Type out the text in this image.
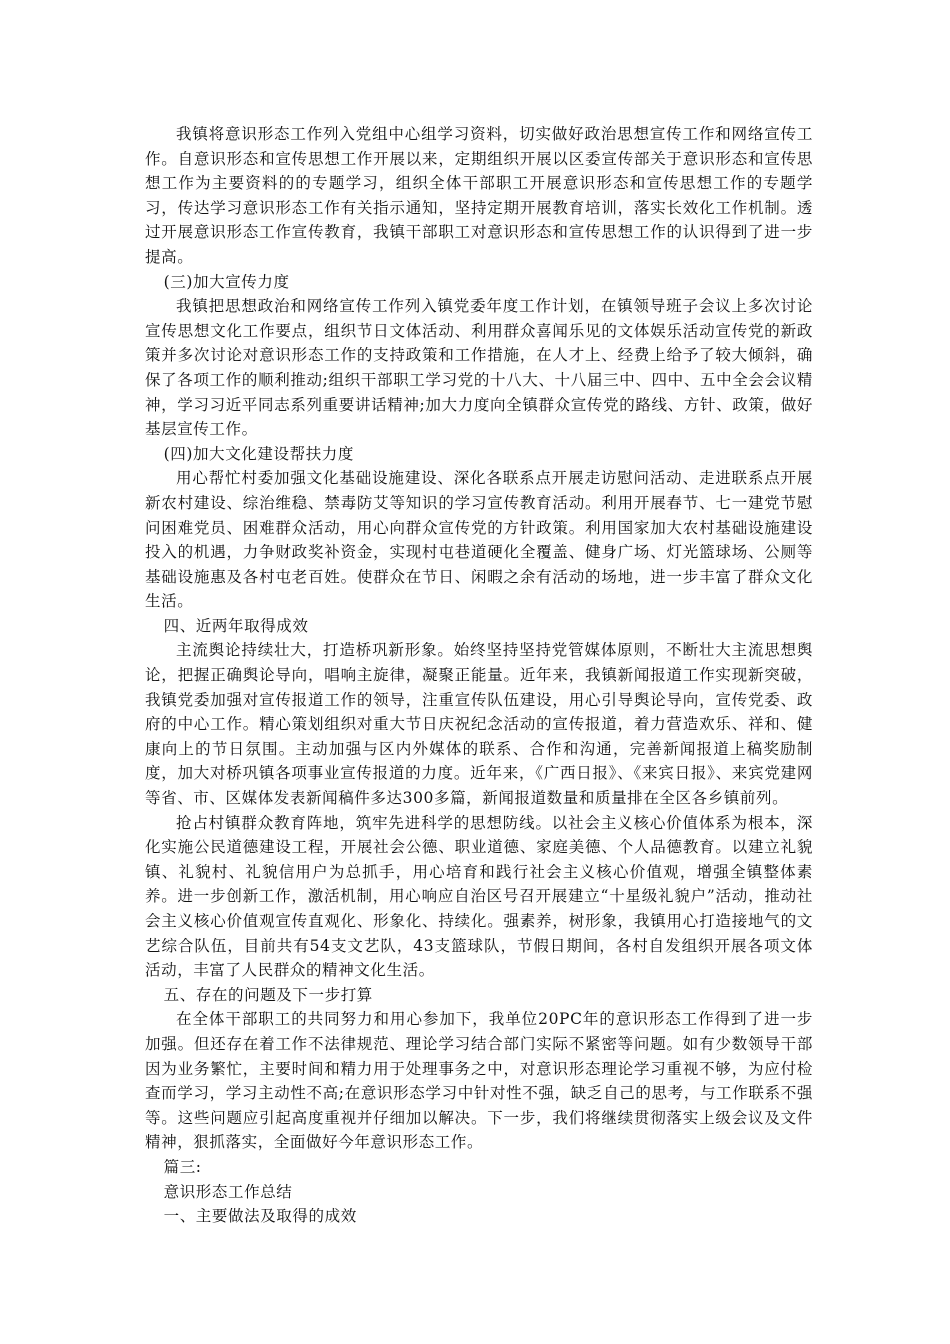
我镇将意识形态工作列入党组中心组学习资料，切实做好政治思想宣传工作和网络宣传工作。自意识形态和宣传思想工作开展以来，定期组织开展以区委宣传部关于意识形态和宣传思想工作为主要资料的的专题学习，组织全体干部职工开展意识形态和宣传思想工作的专题学习，传达学习意识形态工作有关指示通知，坚持定期开展教育培训，落实长效化工作机制。透过开展意识形态工作宣传教育，我镇干部职工对意识形态和宣传思想工作的认识得到了进一步提高。

(三)加大宣传力度

我镇把思想政治和网络宣传工作列入镇党委年度工作计划，在镇领导班子会议上多次讨论宣传思想文化工作要点，组织节日文体活动、利用群众喜闻乐见的文体娱乐活动宣传党的新政策并多次讨论对意识形态工作的支持政策和工作措施，在人才上、经费上给予了较大倾斜，确保了各项工作的顺利推动;组织干部职工学习党的十八大、十八届三中、四中、五中全会会议精神，学习习近平同志系列重要讲话精神;加大力度向全镇群众宣传党的路线、方针、政策，做好基层宣传工作。

(四)加大文化建设帮扶力度

用心帮忙村委加强文化基础设施建设、深化各联系点开展走访慰问活动、走进联系点开展新农村建设、综治维稳、禁毒防艾等知识的学习宣传教育活动。利用开展春节、七一建党节慰问困难党员、困难群众活动，用心向群众宣传党的方针政策。利用国家加大农村基础设施建设投入的机遇，力争财政奖补资金，实现村屯巷道硬化全覆盖、健身广场、灯光篮球场、公厕等基础设施惠及各村屯老百姓。使群众在节日、闲暇之余有活动的场地，进一步丰富了群众文化生活。

四、近两年取得成效

主流舆论持续壮大，打造桥巩新形象。始终坚持坚持党管媒体原则，不断壮大主流思想舆论，把握正确舆论导向，唱响主旋律，凝聚正能量。近年来，我镇新闻报道工作实现新突破，我镇党委加强对宣传报道工作的领导，注重宣传队伍建设，用心引导舆论导向，宣传党委、政府的中心工作。精心策划组织对重大节日庆祝纪念活动的宣传报道，着力营造欢乐、祥和、健康向上的节日氛围。主动加强与区内外媒体的联系、合作和沟通，完善新闻报道上稿奖励制度，加大对桥巩镇各项事业宣传报道的力度。近年来，《广西日报》、《来宾日报》、来宾党建网等省、市、区媒体发表新闻稿件多达300多篇，新闻报道数量和质量排在全区各乡镇前列。

抢占村镇群众教育阵地，筑牢先进科学的思想防线。以社会主义核心价值体系为根本，深化实施公民道德建设工程，开展社会公德、职业道德、家庭美德、个人品德教育。以建立礼貌镇、礼貌村、礼貌信用户为总抓手，用心培育和践行社会主义核心价值观，增强全镇整体素养。进一步创新工作，激活机制，用心响应自治区号召开展建立“十星级礼貌户”活动，推动社会主义核心价值观宣传直观化、形象化、持续化。强素养，树形象，我镇用心打造接地气的文艺综合队伍，目前共有54支文艺队，43支篮球队，节假日期间，各村自发组织开展各项文体活动，丰富了人民群众的精神文化生活。

五、存在的问题及下一步打算

在全体干部职工的共同努力和用心参加下，我单位20PC年的意识形态工作得到了进一步加强。但还存在着工作不法律规范、理论学习结合部门实际不紧密等问题。如有少数领导干部因为业务繁忙，主要时间和精力用于处理事务之中，对意识形态理论学习重视不够，为应付检查而学习，学习主动性不高;在意识形态学习中针对性不强，缺乏自己的思考，与工作联系不强等。这些问题应引起高度重视并仔细加以解决。下一步，我们将继续贯彻落实上级会议及文件精神，狠抓落实，全面做好今年意识形态工作。

篇三:

意识形态工作总结

一、主要做法及取得的成效
